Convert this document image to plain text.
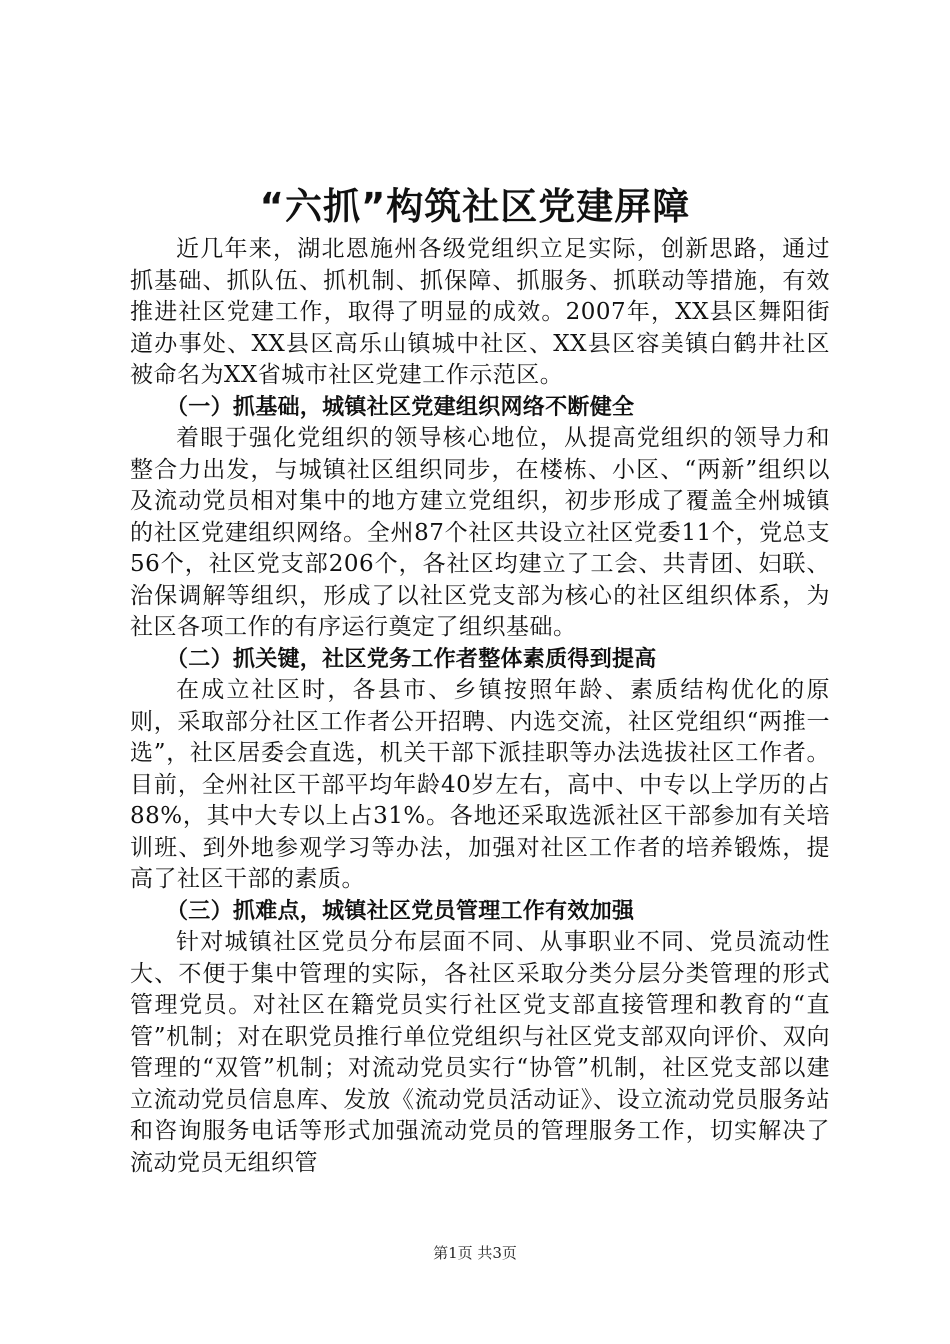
“六抓”构筑社区党建屏障

近几年来，湖北恩施州各级党组织立足实际，创新思路，通过抓基础、抓队伍、抓机制、抓保障、抓服务、抓联动等措施，有效推进社区党建工作，取得了明显的成效。2007年，XX县区舞阳街道办事处、XX县区高乐山镇城中社区、XX县区容美镇白鹤井社区被命名为XX省城市社区党建工作示范区。

（一）抓基础，城镇社区党建组织网络不断健全

着眼于强化党组织的领导核心地位，从提高党组织的领导力和整合力出发，与城镇社区组织同步，在楼栋、小区、“两新”组织以及流动党员相对集中的地方建立党组织，初步形成了覆盖全州城镇的社区党建组织网络。全州87个社区共设立社区党委11个，党总支56个，社区党支部206个，各社区均建立了工会、共青团、妇联、治保调解等组织，形成了以社区党支部为核心的社区组织体系，为社区各项工作的有序运行奠定了组织基础。

（二）抓关键，社区党务工作者整体素质得到提高

在成立社区时，各县市、乡镇按照年龄、素质结构优化的原则，采取部分社区工作者公开招聘、内选交流，社区党组织“两推一选”，社区居委会直选，机关干部下派挂职等办法选拔社区工作者。目前，全州社区干部平均年龄40岁左右，高中、中专以上学历的占88%，其中大专以上占31%。各地还采取选派社区干部参加有关培训班、到外地参观学习等办法，加强对社区工作者的培养锻炼，提高了社区干部的素质。

（三）抓难点，城镇社区党员管理工作有效加强

针对城镇社区党员分布层面不同、从事职业不同、党员流动性大、不便于集中管理的实际，各社区采取分类分层分类管理的形式管理党员。对社区在籍党员实行社区党支部直接管理和教育的“直管”机制；对在职党员推行单位党组织与社区党支部双向评价、双向管理的“双管”机制；对流动党员实行“协管”机制，社区党支部以建立流动党员信息库、发放《流动党员活动证》、设立流动党员服务站和咨询服务电话等形式加强流动党员的管理服务工作，切实解决了流动党员无组织管

第1页 共3页
